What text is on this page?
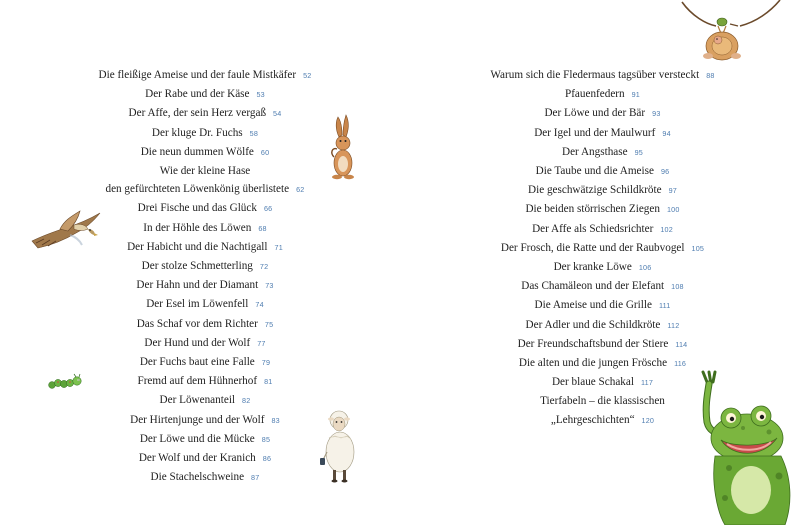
Die fleißige Ameise und der faule Mistkäfer 52
Der Rabe und der Käse 53
Der Affe, der sein Herz vergaß 54
Der kluge Dr. Fuchs 58
Die neun dummen Wölfe 60
Wie der kleine Hase
den gefürchteten Löwenkönig überlistete 62
Drei Fische und das Glück 66
In der Höhle des Löwen 68
Der Habicht und die Nachtigall 71
Der stolze Schmetterling 72
Der Hahn und der Diamant 73
Der Esel im Löwenfell 74
Das Schaf vor dem Richter 75
Der Hund und der Wolf 77
Der Fuchs baut eine Falle 79
Fremd auf dem Hühnerhof 81
Der Löwenanteil 82
Der Hirtenjunge und der Wolf 83
Der Löwe und die Mücke 85
Der Wolf und der Kranich 86
Die Stachelschweine 87
Warum sich die Fledermaus tagsüber versteckt 88
Pfauenfedern 91
Der Löwe und der Bär 93
Der Igel und der Maulwurf 94
Der Angsthase 95
Die Taube und die Ameise 96
Die geschwätzige Schildkröte 97
Die beiden störrischen Ziegen 100
Der Affe als Schiedsrichter 102
Der Frosch, die Ratte und der Raubvogel 105
Der kranke Löwe 106
Das Chamäleon und der Elefant 108
Die Ameise und die Grille 111
Der Adler und die Schildkröte 112
Der Freundschaftsbund der Stiere 114
Die alten und die jungen Frösche 116
Der blaue Schakal 117
Tierfabeln – die klassischen
„Lehrgeschichten“ 120
